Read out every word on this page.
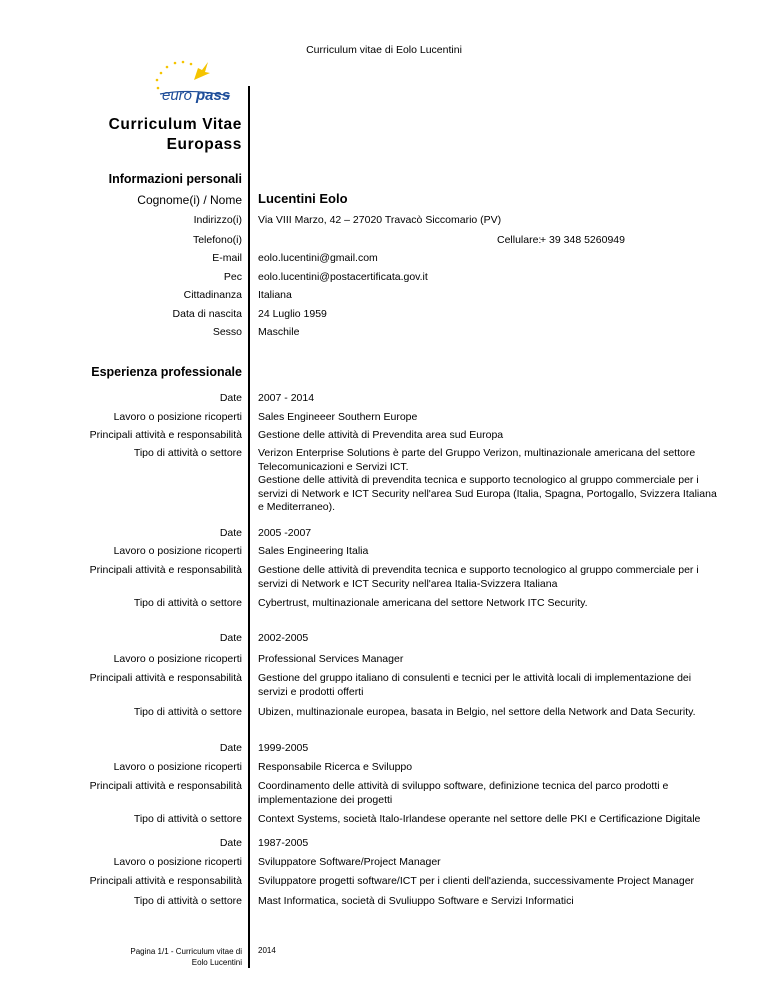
Curriculum vitae di Eolo Lucentini
euro pass
Curriculum Vitae
Europass
Informazioni personali
Cognome(i) / Nome Lucentini Eolo
Indirizzo(i) Via VIII Marzo, 42 – 27020 Travacò Siccomario (PV)
Telefono(i)	Cellulare:
+ 39 348 5260949
E-mail eolo.lucentini@gmail.com
Pec eolo.lucentini@postacertificata.gov.it
Cittadinanza Italiana
Data di nascita 24 Luglio 1959
Sesso Maschile
Esperienza professionale
Date 2007 - 2014
Lavoro o posizione ricoperti Sales Engineeer Southern Europe
Principali attività e responsabilità Gestione delle attività di Prevendita area sud Europa
Tipo di attività o settore Verizon Enterprise Solutions è parte del Gruppo Verizon, multinazionale americana del settore Telecomunicazioni e Servizi ICT.
Gestione delle attività di prevendita tecnica e supporto tecnologico al gruppo commerciale per i servizi di Network e ICT Security nell'area Sud Europa (Italia, Spagna, Portogallo, Svizzera Italiana e Mediterraneo).
Date 2005 -2007
Lavoro o posizione ricoperti Sales Engineering Italia
Principali attività e responsabilità Gestione delle attività di prevendita tecnica e supporto tecnologico al gruppo commerciale per i servizi di Network e ICT Security nell'area Italia-Svizzera Italiana
Tipo di attività o settore Cybertrust, multinazionale americana del settore Network ITC Security.
Date 2002-2005
Lavoro o posizione ricoperti Professional Services Manager
Principali attività e responsabilità Gestione del gruppo italiano di consulenti e tecnici per le attività locali di implementazione dei servizi e prodotti offerti
Tipo di attività o settore Ubizen, multinazionale europea, basata in Belgio, nel settore della Network and Data Security.
Date 1999-2005
Lavoro o posizione ricoperti Responsabile Ricerca e Sviluppo
Principali attività e responsabilità Coordinamento delle attività di sviluppo software, definizione tecnica del parco prodotti e implementazione dei progetti
Tipo di attività o settore Context Systems, società Italo-Irlandese operante nel settore delle PKI e Certificazione Digitale
Date 1987-2005
Lavoro o posizione ricoperti Sviluppatore Software/Project Manager
Principali attività e responsabilità Sviluppatore progetti software/ICT per i clienti dell'azienda, successivamente Project Manager
Tipo di attività o settore Mast Informatica, società di Svuliuppo Software e Servizi Informatici
Pagina 1/1 - Curriculum vitae di
Eolo Lucentini
2014
